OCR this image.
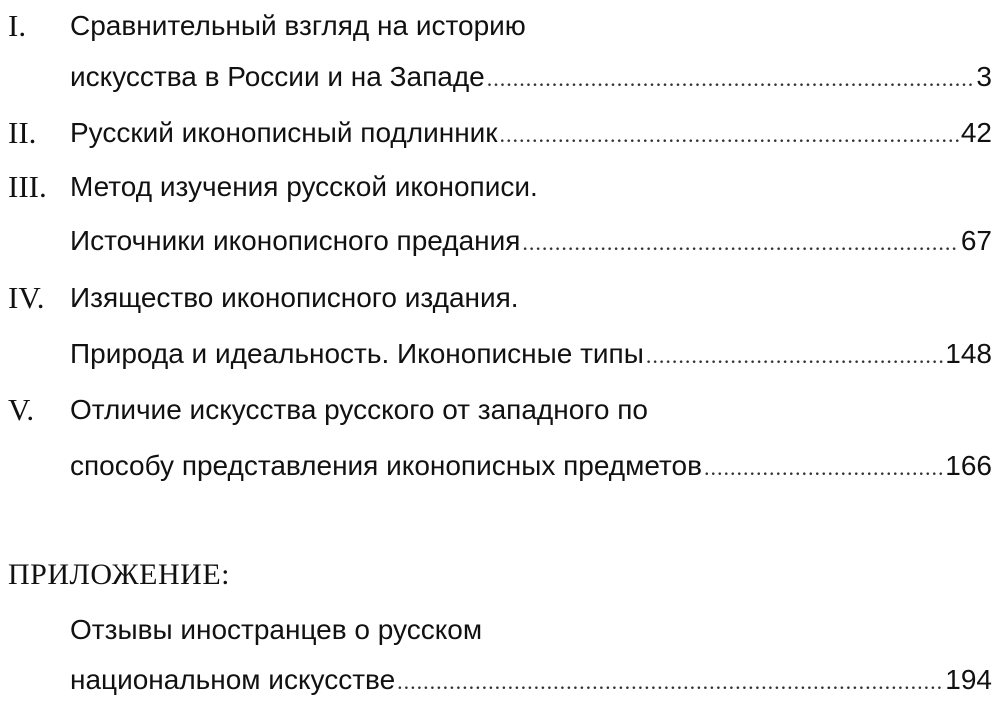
I. Сравнительный взгляд на историю
искусства в России и на Западе .....	3
II. Русский иконописный подлинник .....	42
III. Метод изучения русской иконописи.
Источники иконописного предания .....	67
IV. Изящество иконописного издания.
Природа и идеальность. Иконописные типы .....	148
V. Отличие искусства русского от западного по
способу представления иконописных предметов .....	166
ПРИЛОЖЕНИЕ:
Отзывы иностранцев о русском
национальном искусстве .....	194
